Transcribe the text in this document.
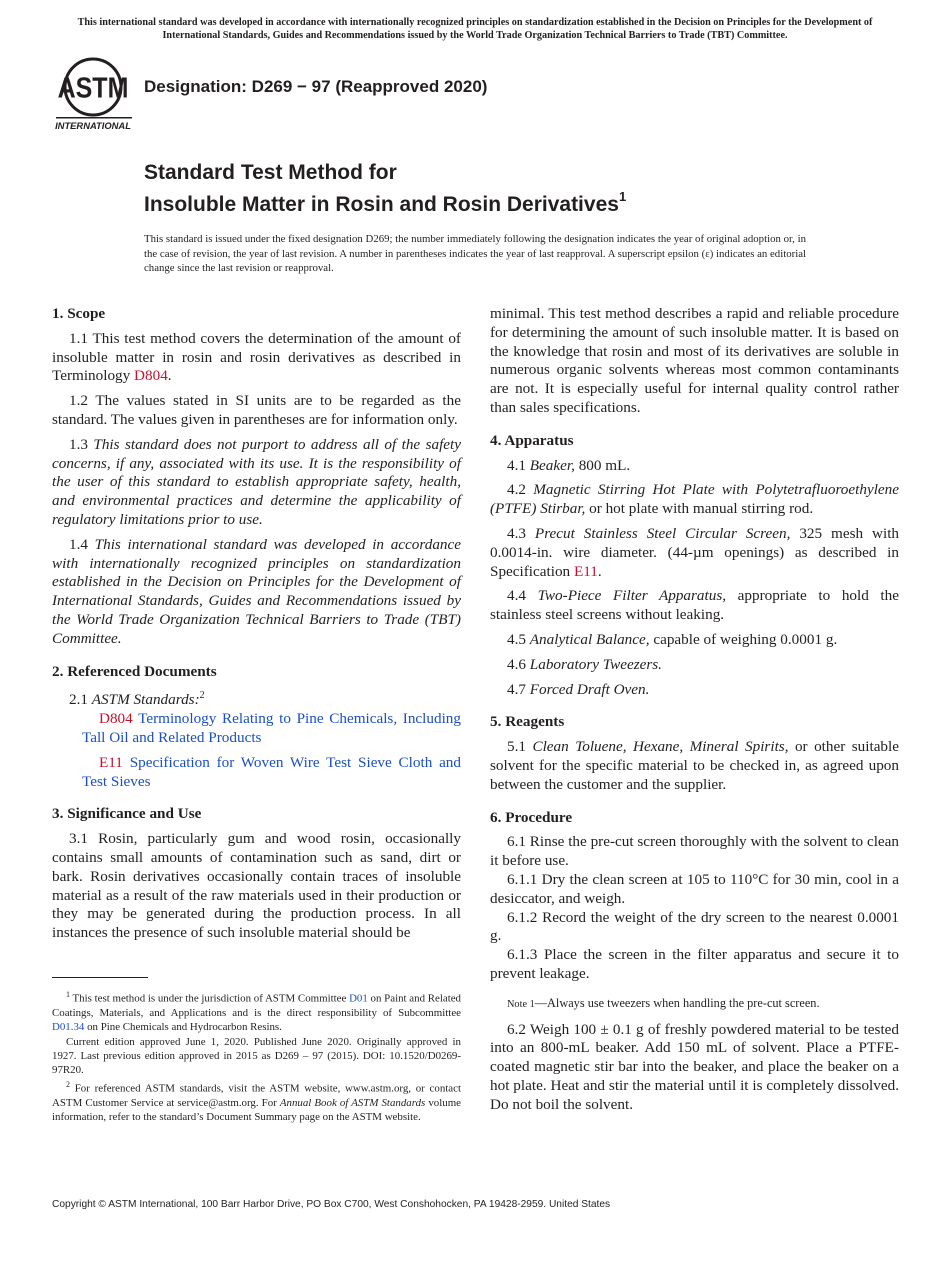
This international standard was developed in accordance with internationally recognized principles on standardization established in the Decision on Principles for the Development of International Standards, Guides and Recommendations issued by the World Trade Organization Technical Barriers to Trade (TBT) Committee.
ASTM
INTERNATIONAL
Designation: D269 − 97 (Reapproved 2020)
Standard Test Method for
Insoluble Matter in Rosin and Rosin Derivatives$^1$
This standard is issued under the fixed designation D269; the number immediately following the designation indicates the year of original adoption or, in the case of revision, the year of last revision. A number in parentheses indicates the year of last reapproval. A superscript epsilon (ε) indicates an editorial change since the last revision or reapproval.
1. Scope

1.1 This test method covers the determination of the amount of insoluble matter in rosin and rosin derivatives as described in Terminology D804.

1.2 The values stated in SI units are to be regarded as the standard. The values given in parentheses are for information only.

1.3 This standard does not purport to address all of the safety concerns, if any, associated with its use. It is the responsibility of the user of this standard to establish appropriate safety, health, and environmental practices and determine the applicability of regulatory limitations prior to use.

1.4 This international standard was developed in accordance with internationally recognized principles on standardization established in the Decision on Principles for the Development of International Standards, Guides and Recommendations issued by the World Trade Organization Technical Barriers to Trade (TBT) Committee.

2. Referenced Documents

2.1 ASTM Standards:$^2$

D804 Terminology Relating to Pine Chemicals, Including Tall Oil and Related Products

E11 Specification for Woven Wire Test Sieve Cloth and Test Sieves

3. Significance and Use

3.1 Rosin, particularly gum and wood rosin, occasionally contains small amounts of contamination such as sand, dirt or bark. Rosin derivatives occasionally contain traces of insoluble material as a result of the raw materials used in their production or they may be generated during the production process. In all instances the presence of such insoluble material should be

$^1$ This test method is under the jurisdiction of ASTM Committee D01 on Paint and Related Coatings, Materials, and Applications and is the direct responsibility of Subcommittee D01.34 on Pine Chemicals and Hydrocarbon Resins.

Current edition approved June 1, 2020. Published June 2020. Originally approved in 1927. Last previous edition approved in 2015 as D269 – 97 (2015). DOI: 10.1520/D0269-97R20.

$^2$ For referenced ASTM standards, visit the ASTM website, www.astm.org, or contact ASTM Customer Service at service@astm.org. For Annual Book of ASTM Standards volume information, refer to the standard’s Document Summary page on the ASTM website.

minimal. This test method describes a rapid and reliable procedure for determining the amount of such insoluble matter. It is based on the knowledge that rosin and most of its derivatives are soluble in numerous organic solvents whereas most common contaminants are not. It is especially useful for internal quality control rather than sales specifications.

4. Apparatus

4.1 Beaker, 800 mL.

4.2 Magnetic Stirring Hot Plate with Polytetrafluoroethylene (PTFE) Stirbar, or hot plate with manual stirring rod.

4.3 Precut Stainless Steel Circular Screen, 325 mesh with 0.0014-in. wire diameter. (44-µm openings) as described in Specification E11.

4.4 Two-Piece Filter Apparatus, appropriate to hold the stainless steel screens without leaking.

4.5 Analytical Balance, capable of weighing 0.0001 g.

4.6 Laboratory Tweezers.

4.7 Forced Draft Oven.

5. Reagents

5.1 Clean Toluene, Hexane, Mineral Spirits, or other suitable solvent for the specific material to be checked in, as agreed upon between the customer and the supplier.

6. Procedure

6.1 Rinse the pre-cut screen thoroughly with the solvent to clean it before use.

6.1.1 Dry the clean screen at 105 to 110°C for 30 min, cool in a desiccator, and weigh.

6.1.2 Record the weight of the dry screen to the nearest 0.0001 g.

6.1.3 Place the screen in the filter apparatus and secure it to prevent leakage.

Note 1—Always use tweezers when handling the pre-cut screen.

6.2 Weigh 100 ± 0.1 g of freshly powdered material to be tested into an 800-mL beaker. Add 150 mL of solvent. Place a PTFE-coated magnetic stir bar into the beaker, and place the beaker on a hot plate. Heat and stir the material until it is completely dissolved. Do not boil the solvent.

Copyright © ASTM International, 100 Barr Harbor Drive, PO Box C700, West Conshohocken, PA 19428-2959. United States
